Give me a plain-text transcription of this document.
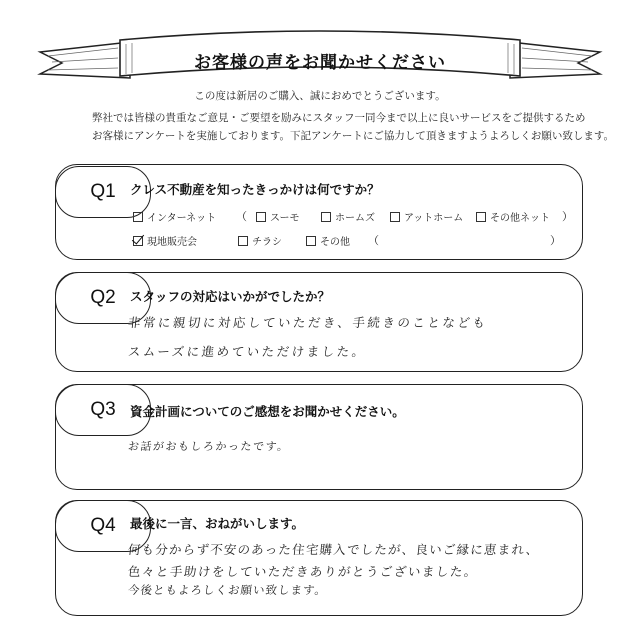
お客様の声をお聞かせください
この度は新居のご購入、誠におめでとうございます。
弊社では皆様の貴重なご意見・ご要望を励みにスタッフ一同今まで以上に良いサービスをご提供するため
お客様にアンケートを実施しております。下記アンケートにご協力して頂きますようよろしくお願い致します。
Q1	クレス不動産を知ったきっかけは何ですか？
インターネット （ スーモ	ホームズ	アットホーム	その他ネット ）
現地販売会	チラシ	その他 （	）
Q2	スタッフの対応はいかがでしたか？
非常に親切に対応していただき、手続きのことなども
スムーズに進めていただけました。
Q3	資金計画についてのご感想をお聞かせください。
お話がおもしろかったです。
Q4	最後に一言、おねがいします。
何も分からず不安のあった住宅購入でしたが、良いご縁に恵まれ、
色々と手助けをしていただきありがとうございました。
今後ともよろしくお願い致します。
